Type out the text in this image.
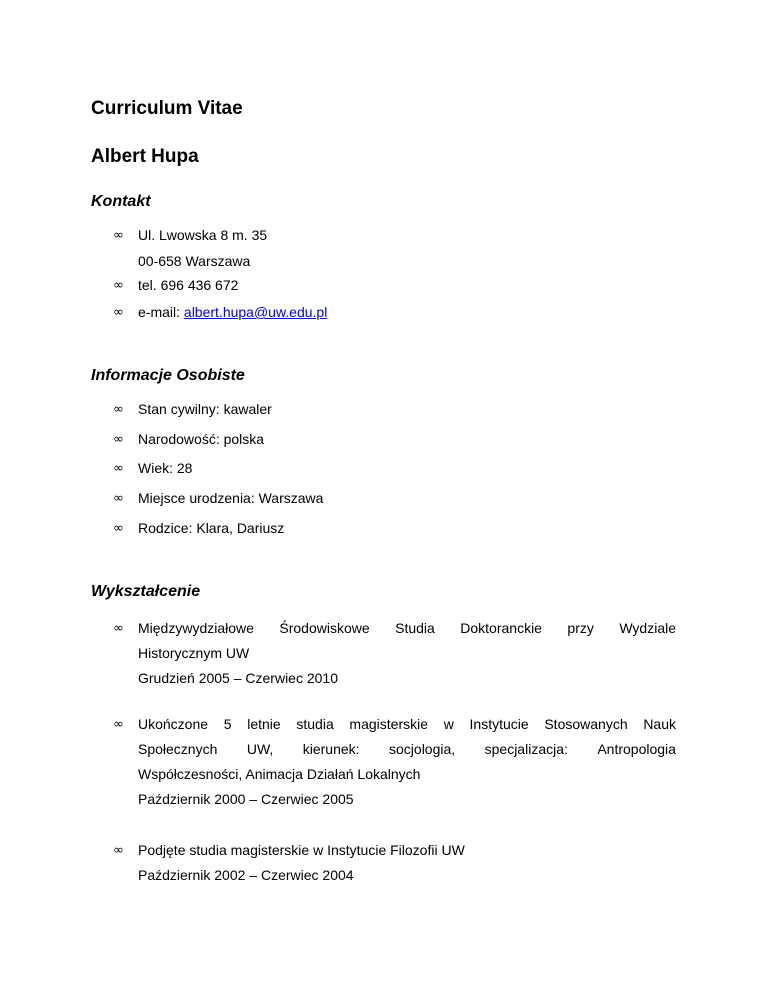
Curriculum Vitae
Albert Hupa
Kontakt
∞ Ul. Lwowska 8 m. 35
00-658 Warszawa
∞ tel. 696 436 672
∞ e-mail: albert.hupa@uw.edu.pl
Informacje Osobiste
∞ Stan cywilny: kawaler
∞ Narodowość: polska
∞ Wiek: 28
∞ Miejsce urodzenia: Warszawa
∞ Rodzice: Klara, Dariusz
Wykształcenie
∞ Międzywydziałowe Środowiskowe Studia Doktoranckie przy Wydziale
Historycznym UW
Grudzień 2005 – Czerwiec 2010
∞ Ukończone 5 letnie studia magisterskie w Instytucie Stosowanych Nauk
Społecznych UW, kierunek: socjologia, specjalizacja: Antropologia
Współczesności, Animacja Działań Lokalnych
Październik 2000 – Czerwiec 2005
∞ Podjęte studia magisterskie w Instytucie Filozofii UW
Październik 2002 – Czerwiec 2004
